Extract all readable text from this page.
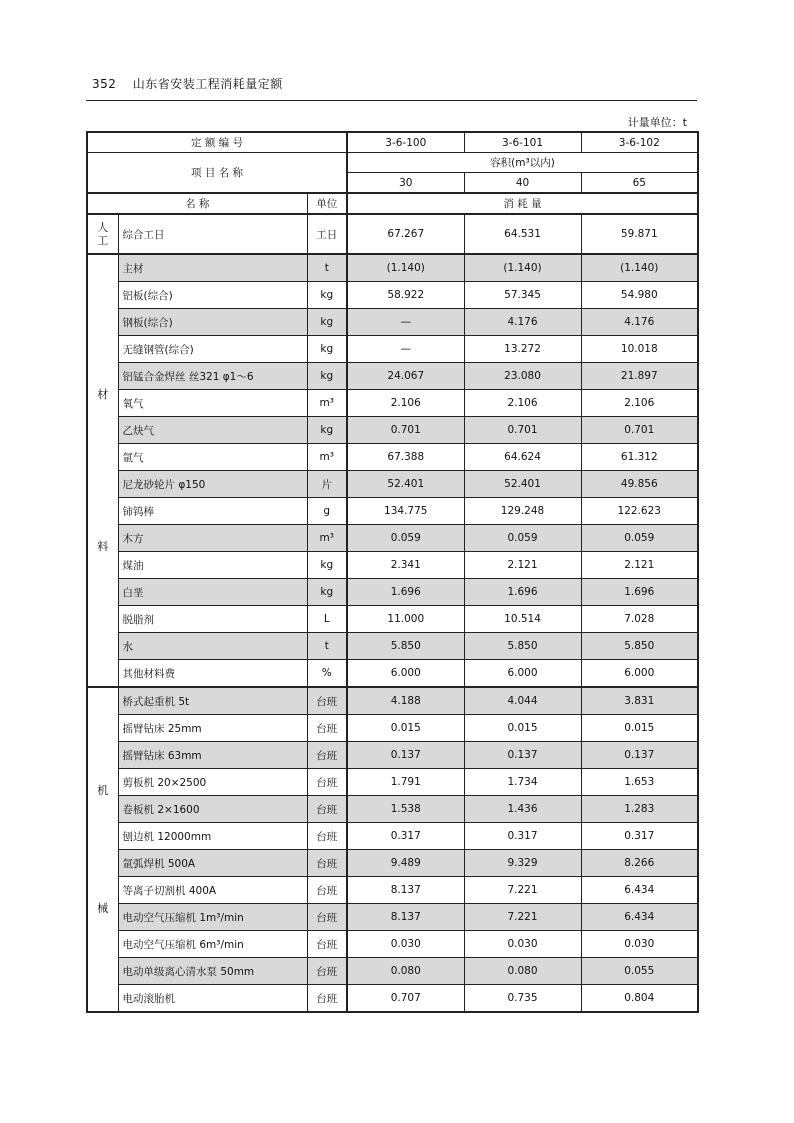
352 山东省安装工程消耗量定额
计量单位：t
定 额 编 号			3-6-100	3-6-101	3-6-102
项 目 名 称			容积(m³以内)		
			30	40	65
名 称		单位	消 耗 量		

人
工	综合工日	工日	67.267	64.531	59.871

材
料	主材	t	(1.140)	(1.140)	(1.140)
	铝板(综合)	kg	58.922	57.345	54.980
	钢板(综合)	kg	—	4.176	4.176
	无缝钢管(综合)	kg	—	13.272	10.018
	铝锰合金焊丝 丝321 φ1～6	kg	24.067	23.080	21.897
	氧气	m³	2.106	2.106	2.106
	乙炔气	kg	0.701	0.701	0.701
	氩气	m³	67.388	64.624	61.312
	尼龙砂轮片 φ150	片	52.401	52.401	49.856
	铈钨棒	g	134.775	129.248	122.623
	木方	m³	0.059	0.059	0.059
	煤油	kg	2.341	2.121	2.121
	白垩	kg	1.696	1.696	1.696
	脱脂剂	L	11.000	10.514	7.028
	水	t	5.850	5.850	5.850
	其他材料费	%	6.000	6.000	6.000

机
械	桥式起重机 5t	台班	4.188	4.044	3.831
	摇臂钻床 25mm	台班	0.015	0.015	0.015
	摇臂钻床 63mm	台班	0.137	0.137	0.137
	剪板机 20×2500	台班	1.791	1.734	1.653
	卷板机 2×1600	台班	1.538	1.436	1.283
	刨边机 12000mm	台班	0.317	0.317	0.317
	氩弧焊机 500A	台班	9.489	9.329	8.266
	等离子切割机 400A	台班	8.137	7.221	6.434
	电动空气压缩机 1m³/min	台班	8.137	7.221	6.434
	电动空气压缩机 6m³/min	台班	0.030	0.030	0.030
	电动单级离心清水泵 50mm	台班	0.080	0.080	0.055
	电动滚胎机	台班	0.707	0.735	0.804
